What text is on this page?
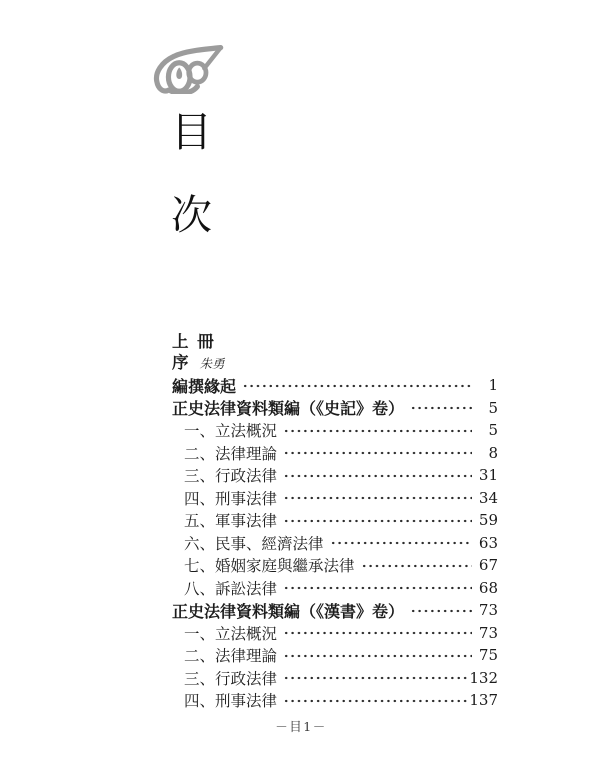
目
次
上 冊
序 朱勇
編撰緣起	1
正史法律資料類編（《史記》卷）	5
一、立法概況	5
二、法律理論	8
三、行政法律	31
四、刑事法律	34
五、軍事法律	59
六、民事、經濟法律	63
七、婚姻家庭與繼承法律	67
八、訴訟法律	68
正史法律資料類編（《漢書》卷）	73
一、立法概況	73
二、法律理論	75
三、行政法律	132
四、刑事法律	137
－目1－
